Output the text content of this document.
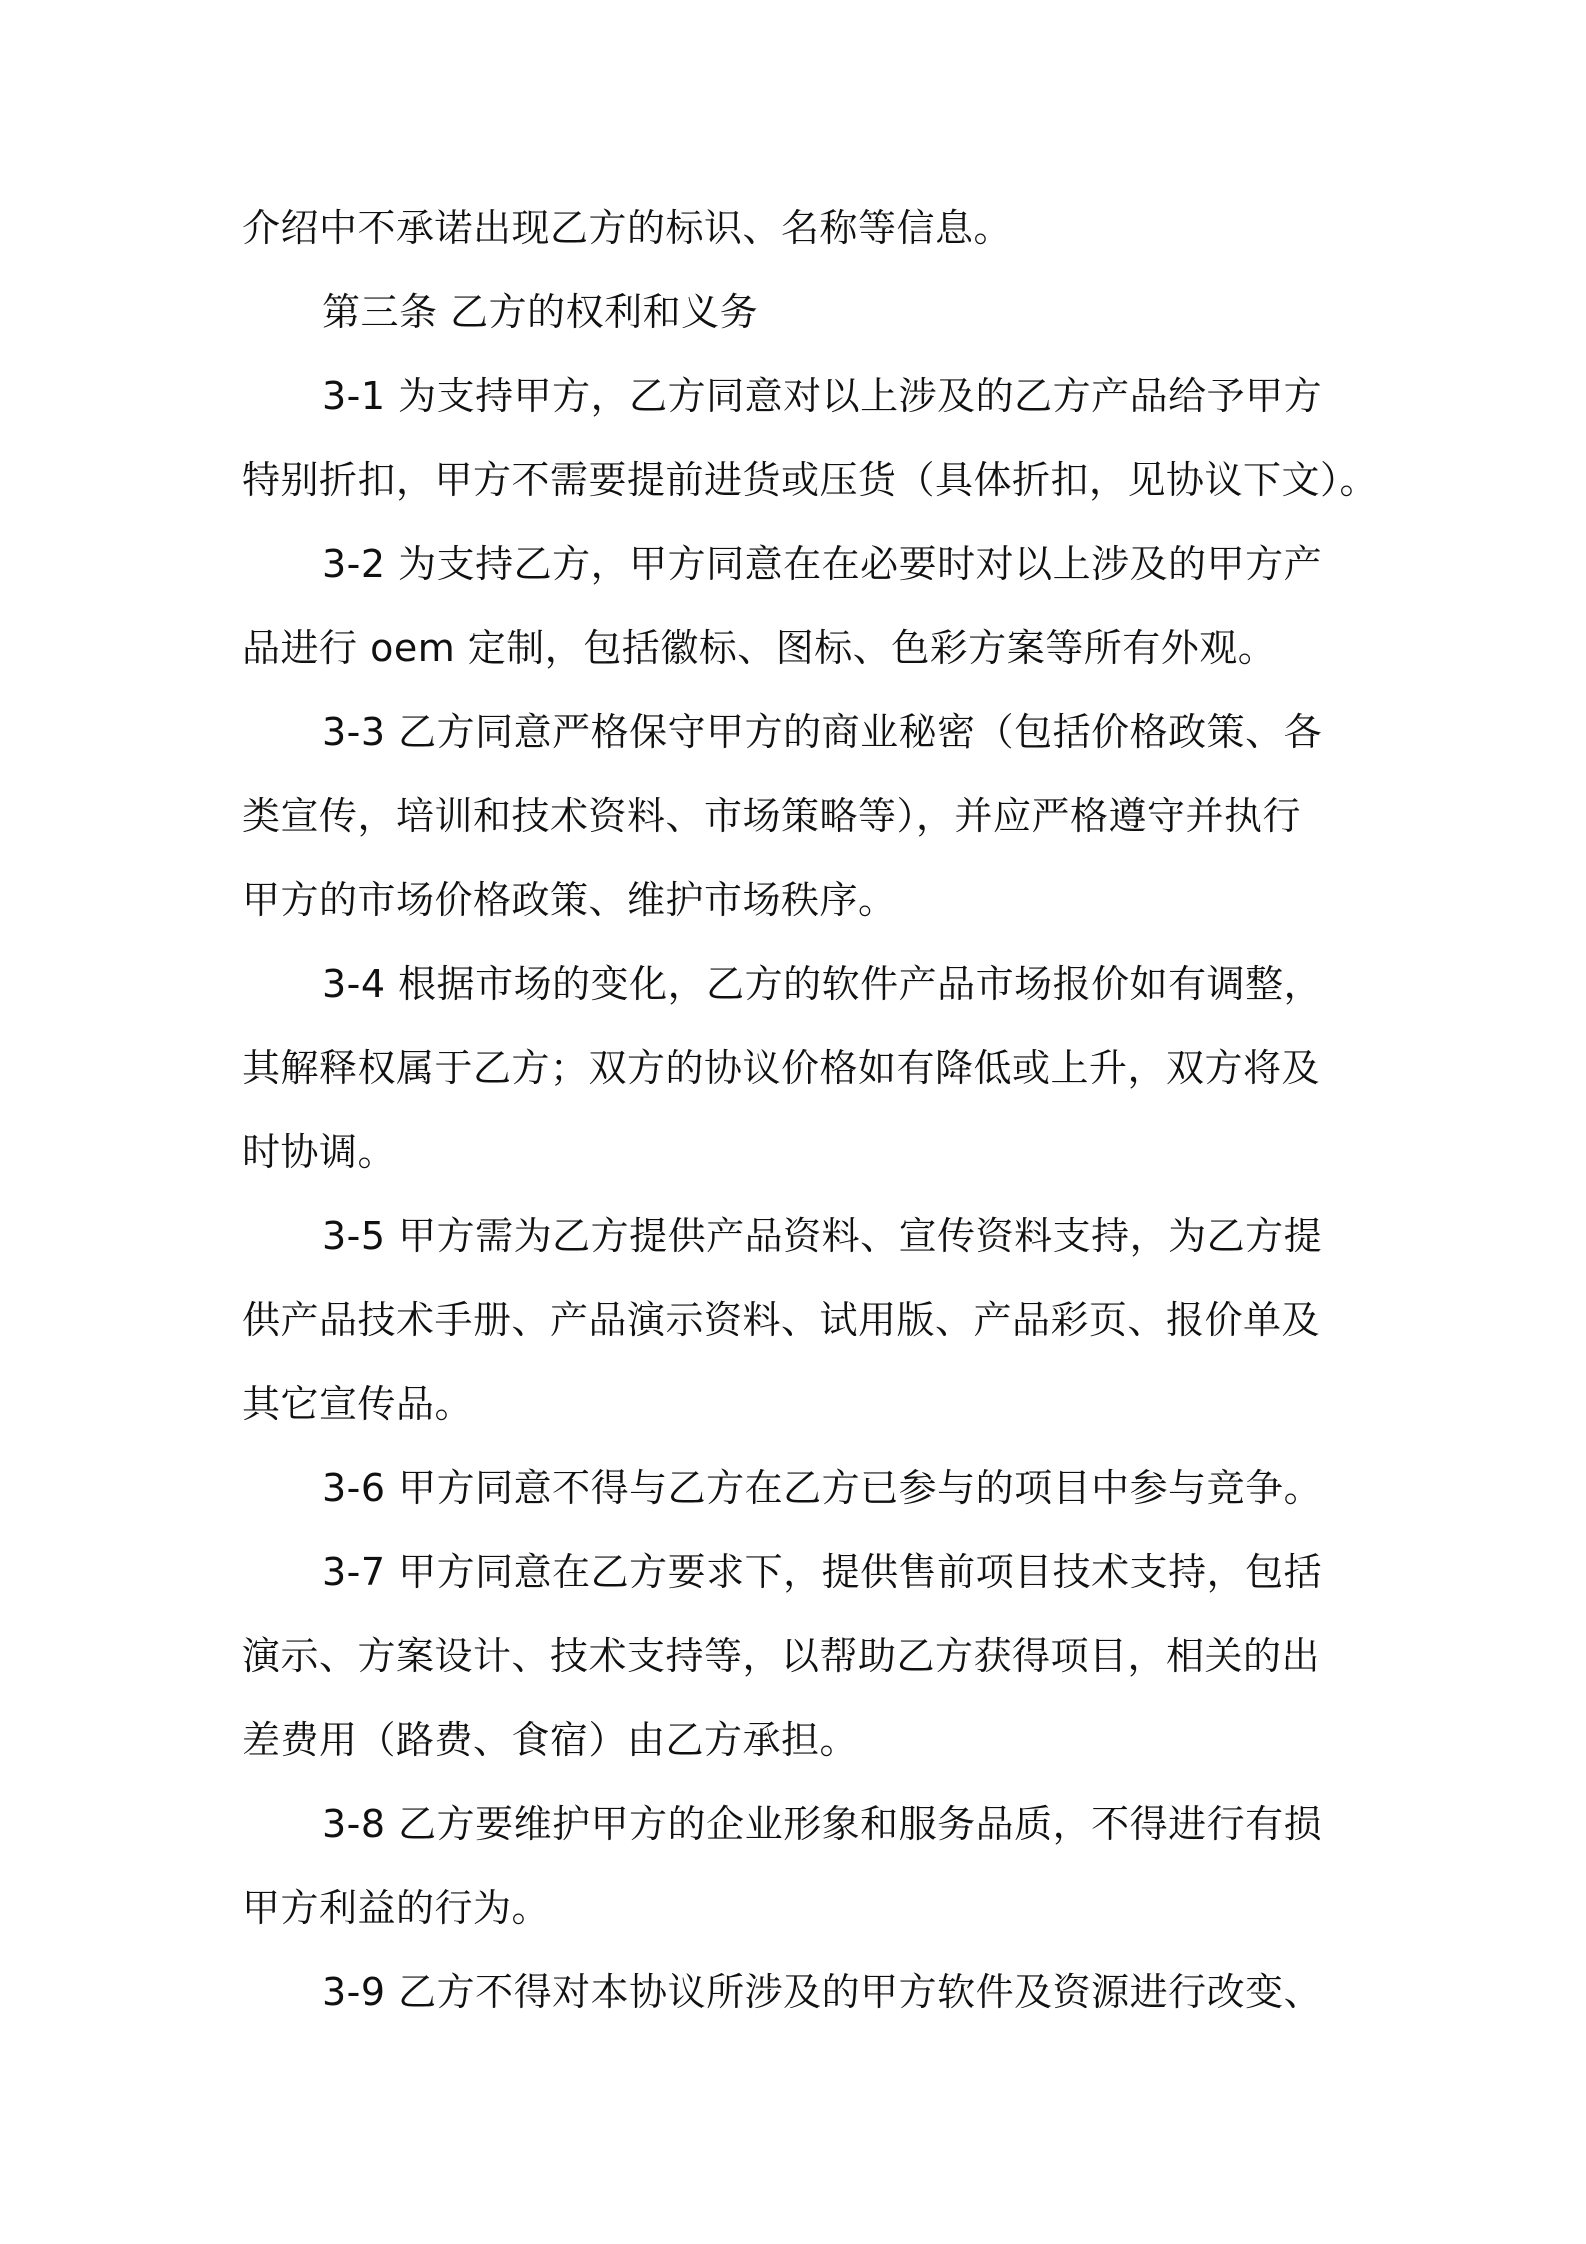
介绍中不承诺出现乙方的标识、名称等信息。
第三条 乙方的权利和义务
3-1 为支持甲方，乙方同意对以上涉及的乙方产品给予甲方
特别折扣，甲方不需要提前进货或压货（具体折扣，见协议下文）。
3-2 为支持乙方，甲方同意在在必要时对以上涉及的甲方产
品进行 oem 定制，包括徽标、图标、色彩方案等所有外观。
3-3 乙方同意严格保守甲方的商业秘密（包括价格政策、各
类宣传，培训和技术资料、市场策略等），并应严格遵守并执行
甲方的市场价格政策、维护市场秩序。
3-4 根据市场的变化，乙方的软件产品市场报价如有调整，
其解释权属于乙方；双方的协议价格如有降低或上升，双方将及
时协调。
3-5 甲方需为乙方提供产品资料、宣传资料支持，为乙方提
供产品技术手册、产品演示资料、试用版、产品彩页、报价单及
其它宣传品。
3-6 甲方同意不得与乙方在乙方已参与的项目中参与竞争。
3-7 甲方同意在乙方要求下，提供售前项目技术支持，包括
演示、方案设计、技术支持等，以帮助乙方获得项目，相关的出
差费用（路费、食宿）由乙方承担。
3-8 乙方要维护甲方的企业形象和服务品质，不得进行有损
甲方利益的行为。
3-9 乙方不得对本协议所涉及的甲方软件及资源进行改变、
